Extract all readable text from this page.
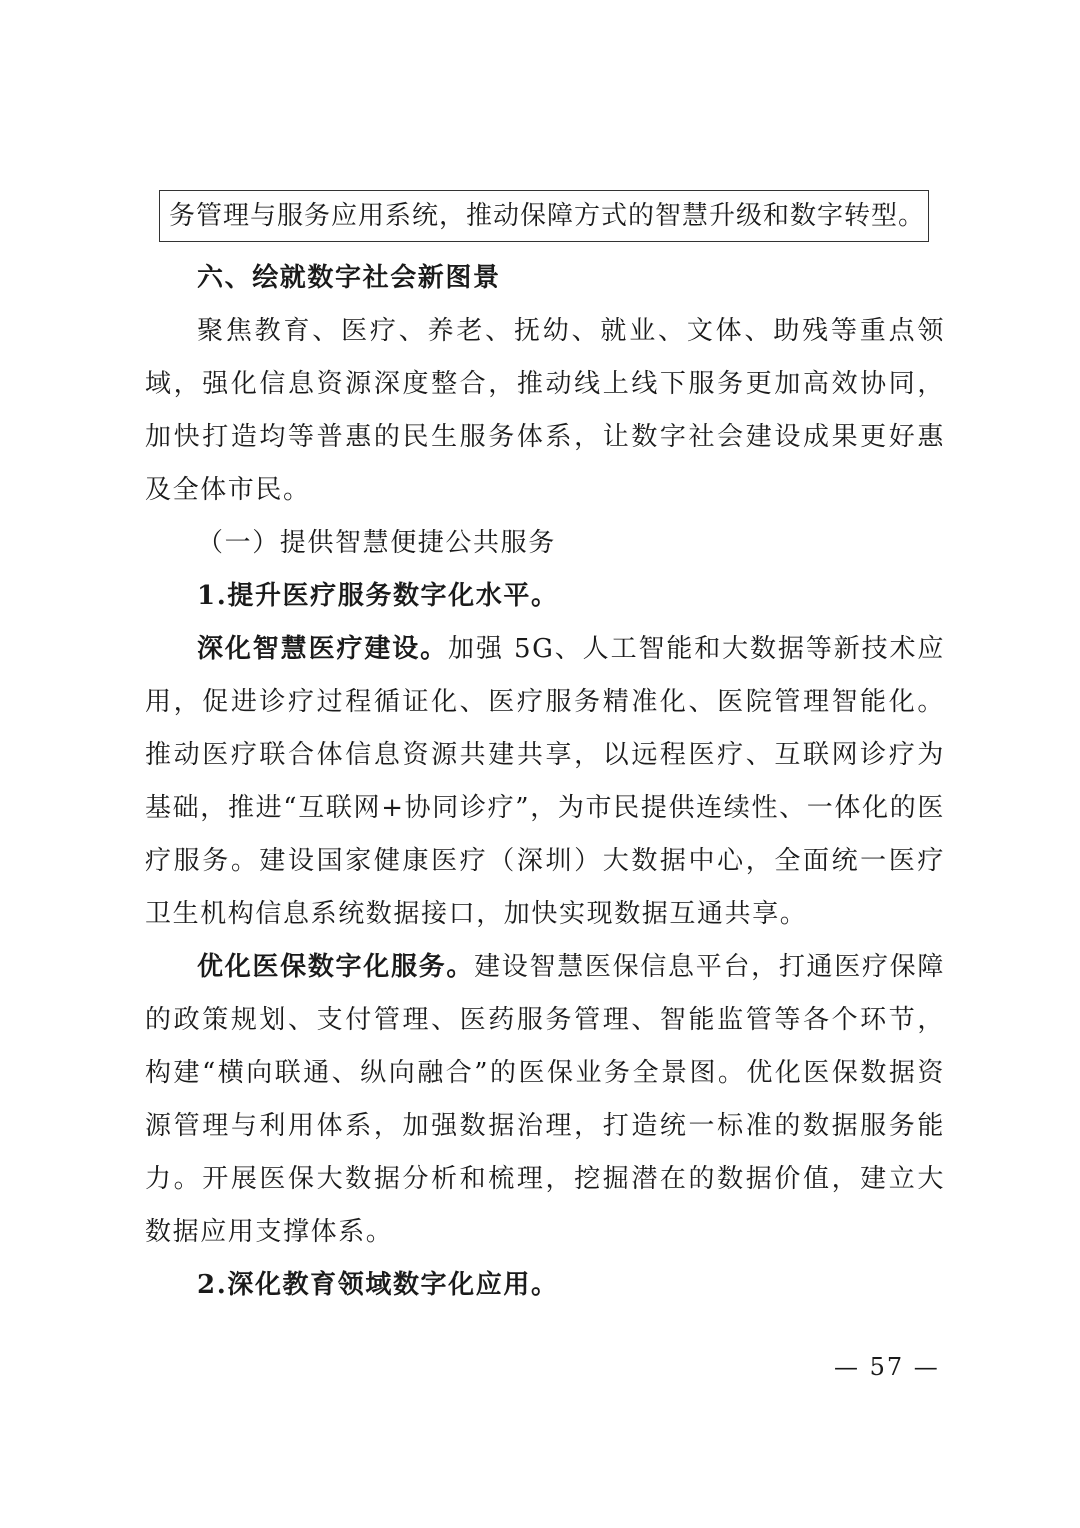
务管理与服务应用系统，推动保障方式的智慧升级和数字转型。

六、绘就数字社会新图景

聚焦教育、医疗、养老、抚幼、就业、文体、助残等重点领域，强化信息资源深度整合，推动线上线下服务更加高效协同，加快打造均等普惠的民生服务体系，让数字社会建设成果更好惠及全体市民。

（一）提供智慧便捷公共服务

1.提升医疗服务数字化水平。

深化智慧医疗建设。加强 5G、人工智能和大数据等新技术应用，促进诊疗过程循证化、医疗服务精准化、医院管理智能化。推动医疗联合体信息资源共建共享，以远程医疗、互联网诊疗为基础，推进“互联网+协同诊疗”，为市民提供连续性、一体化的医疗服务。建设国家健康医疗（深圳）大数据中心，全面统一医疗卫生机构信息系统数据接口，加快实现数据互通共享。

优化医保数字化服务。建设智慧医保信息平台，打通医疗保障的政策规划、支付管理、医药服务管理、智能监管等各个环节，构建“横向联通、纵向融合”的医保业务全景图。优化医保数据资源管理与利用体系，加强数据治理，打造统一标准的数据服务能力。开展医保大数据分析和梳理，挖掘潜在的数据价值，建立大数据应用支撑体系。

2.深化教育领域数字化应用。

— 57 —
